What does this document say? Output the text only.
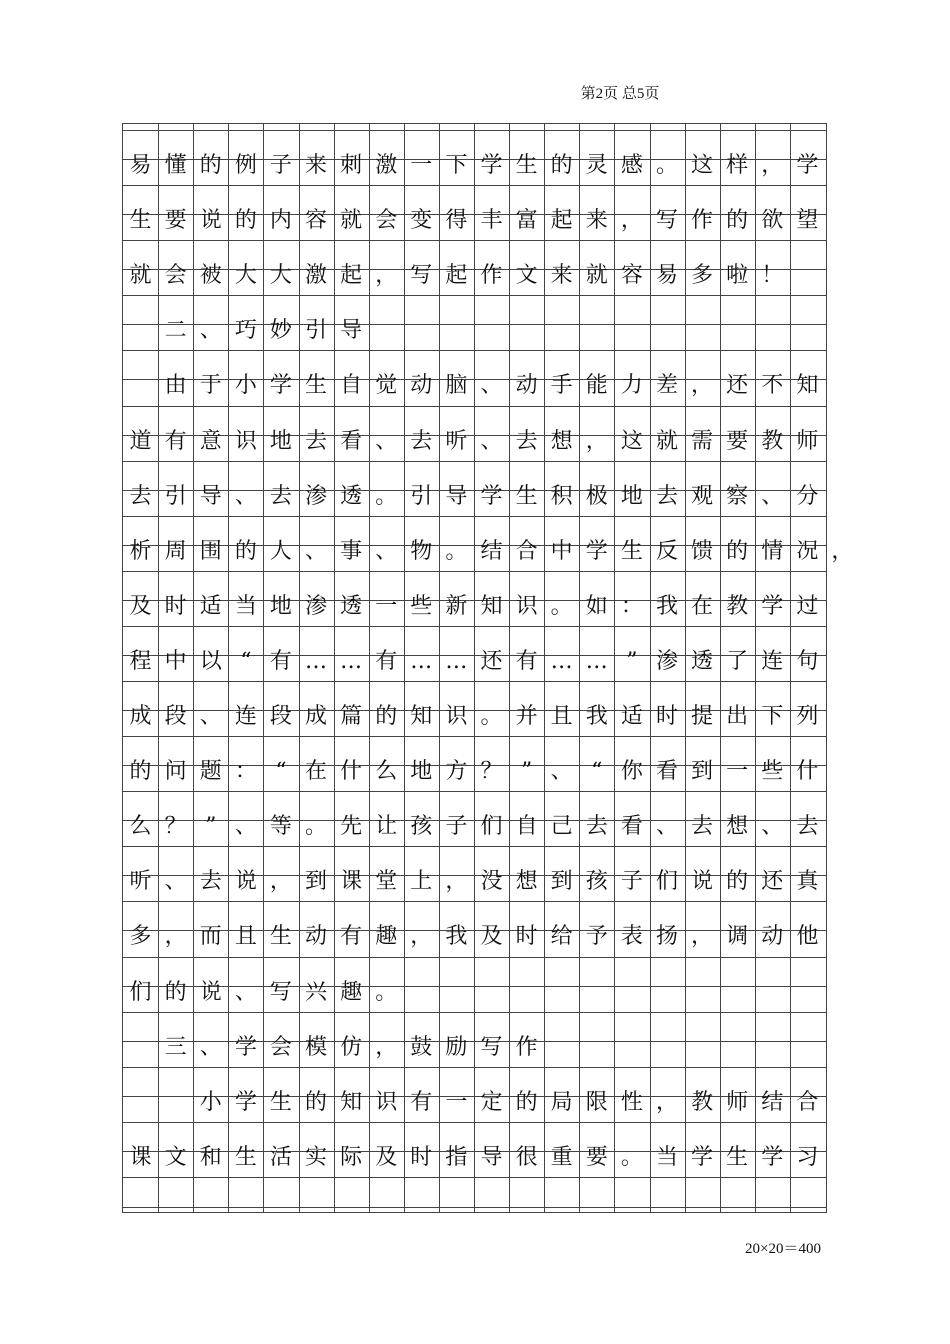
第2页 总5页
易 懂 的 例 子 来 刺 激 一 下 学 生 的 灵 感 。 这 样 ， 学
生 要 说 的 内 容 就 会 变 得 丰 富 起 来 ， 写 作 的 欲 望
就 会 被 大 大 激 起 ， 写 起 作 文 来 就 容 易 多 啦 ！
　二 、 巧 妙 引 导
　由 于 小 学 生 自 觉 动 脑 、 动 手 能 力 差 ， 还 不 知
道 有 意 识 地 去 看 、 去 听 、 去 想 ， 这 就 需 要 教 师
去 引 导 、 去 渗 透 。 引 导 学 生 积 极 地 去 观 察 、 分
析 周 围 的 人 、 事 、 物 。 结 合 中 学 生 反 馈 的 情 况 ，
及 时 适 当 地 渗 透 一 些 新 知 识 。 如 ： 我 在 教 学 过
程 中 以 “ 有 … … 有 … … 还 有 … … ” 渗 透 了 连 句
成 段 、 连 段 成 篇 的 知 识 。 并 且 我 适 时 提 出 下 列
的 问 题 ： “ 在 什 么 地 方 ？ ” 、 “ 你 看 到 一 些 什
么 ？ ” 、 等 。 先 让 孩 子 们 自 己 去 看 、 去 想 、 去
听 、 去 说 ， 到 课 堂 上 ， 没 想 到 孩 子 们 说 的 还 真
多 ， 而 且 生 动 有 趣 ， 我 及 时 给 予 表 扬 ， 调 动 他
们 的 说 、 写 兴 趣 。
　三 、 学 会 模 仿 ， 鼓 励 写 作
　　小 学 生 的 知 识 有 一 定 的 局 限 性 ， 教 师 结 合
课 文 和 生 活 实 际 及 时 指 导 很 重 要 。 当 学 生 学 习
20×20＝400
